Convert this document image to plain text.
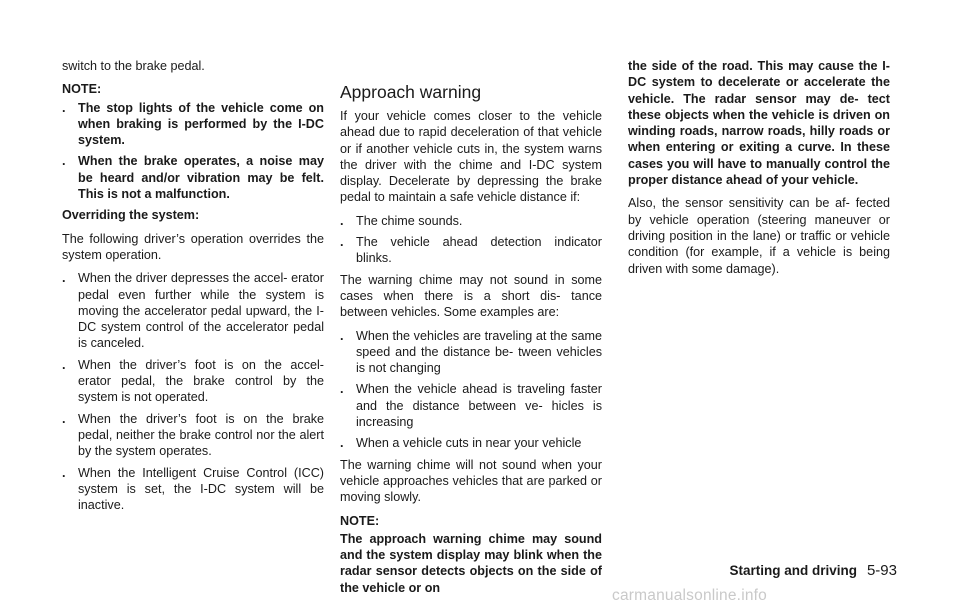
switch to the brake pedal.

NOTE:

. The stop lights of the vehicle come on when braking is performed by the I-DC system.
. When the brake operates, a noise may be heard and/or vibration may be felt. This is not a malfunction.

Overriding the system:

The following driver’s operation overrides the system operation.

. When the driver depresses the accel- erator pedal even further while the system is moving the accelerator pedal upward, the I-DC system control of the accelerator pedal is canceled.
. When the driver’s foot is on the accel- erator pedal, the brake control by the system is not operated.
. When the driver’s foot is on the brake pedal, neither the brake control nor the alert by the system operates.
. When the Intelligent Cruise Control (ICC) system is set, the I-DC system will be inactive.
Approach warning

If your vehicle comes closer to the vehicle ahead due to rapid deceleration of that vehicle or if another vehicle cuts in, the system warns the driver with the chime and I-DC system display. Decelerate by depressing the brake pedal to maintain a safe vehicle distance if:

. The chime sounds.
. The vehicle ahead detection indicator blinks.

The warning chime may not sound in some cases when there is a short dis- tance between vehicles. Some examples are:

. When the vehicles are traveling at the same speed and the distance be- tween vehicles is not changing
. When the vehicle ahead is traveling faster and the distance between ve- hicles is increasing
. When a vehicle cuts in near your vehicle

The warning chime will not sound when your vehicle approaches vehicles that are parked or moving slowly.

NOTE:

The approach warning chime may sound and the system display may blink when the radar sensor detects objects on the side of the vehicle or on

the side of the road. This may cause the I-DC system to decelerate or accelerate the vehicle. The radar sensor may de- tect these objects when the vehicle is driven on winding roads, narrow roads, hilly roads or when entering or exiting a curve. In these cases you will have to manually control the proper distance ahead of your vehicle.

Also, the sensor sensitivity can be af- fected by vehicle operation (steering maneuver or driving position in the lane) or traffic or vehicle condition (for example, if a vehicle is being driven with some damage).

Starting and driving 5-93
carmanualsonline.info
